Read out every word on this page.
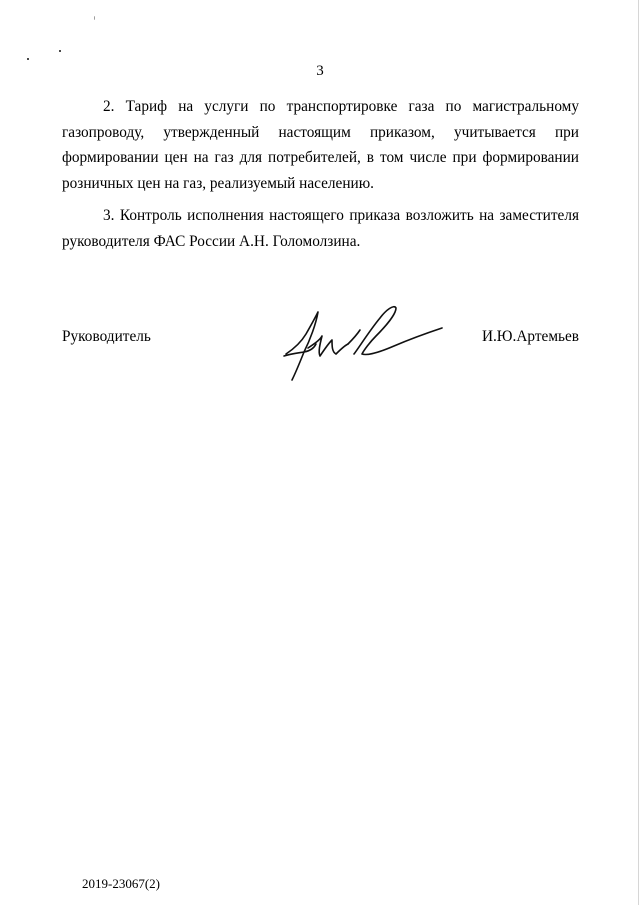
3

2. Тариф на услуги по транспортировке газа по магистральному газопроводу, утвержденный настоящим приказом, учитывается при формировании цен на газ для потребителей, в том числе при формировании розничных цен на газ, реализуемый населению.

3. Контроль исполнения настоящего приказа возложить на заместителя руководителя ФАС России А.Н. Голомолзина.

Руководитель	И.Ю.Артемьев
2019-23067(2)
